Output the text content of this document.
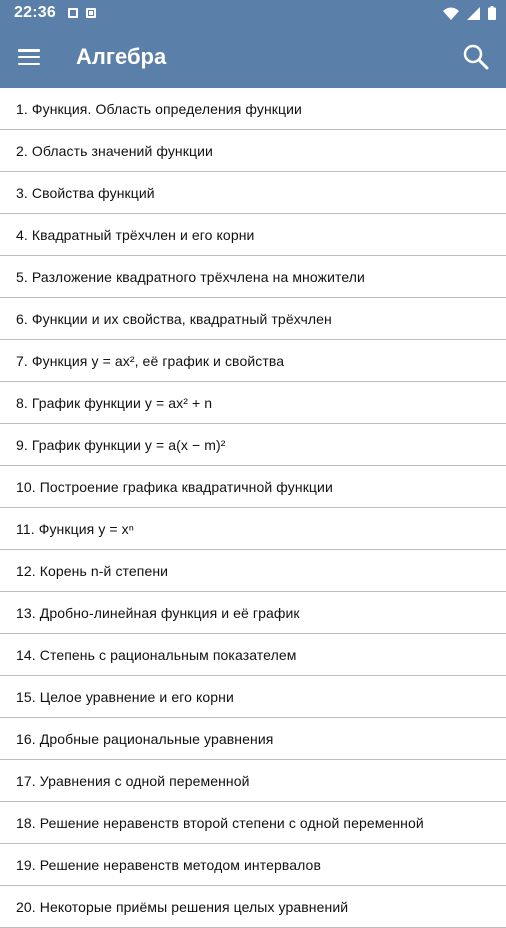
22:36
Алгебра
1. Функция. Область определения функции
2. Область значений функции
3. Свойства функций
4. Квадратный трёхчлен и его корни
5. Разложение квадратного трёхчлена на множители
6. Функции и их свойства, квадратный трёхчлен
7. Функция y = ax², её график и свойства
8. График функции y = ax² + n
9. График функции y = a(x − m)²
10. Построение графика квадратичной функции
11. Функция y = xⁿ
12. Корень n-й степени
13. Дробно-линейная функция и её график
14. Степень с рациональным показателем
15. Целое уравнение и его корни
16. Дробные рациональные уравнения
17. Уравнения с одной переменной
18. Решение неравенств второй степени с одной переменной
19. Решение неравенств методом интервалов
20. Некоторые приёмы решения целых уравнений
